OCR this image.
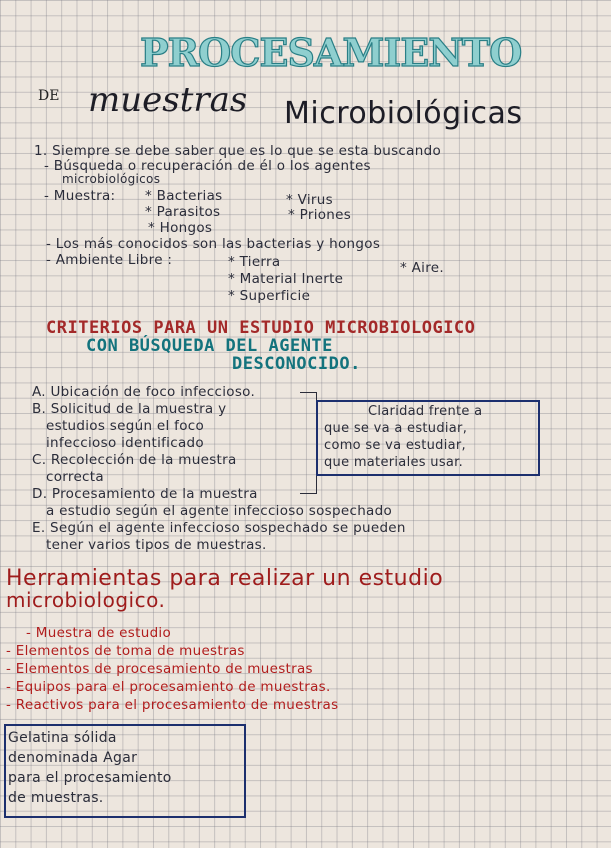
PROCESAMIENTO
DE muestras Microbiológicas
1. Siempre se debe saber que es lo que se esta buscando
- Búsqueda o recuperación de él o los agentes
microbiológicos
- Muestra: * Bacterias
* Parasitos
* Hongos
* Virus
* Priones
- Los más conocidos son las bacterias y hongos
- Ambiente Libre :	* Tierra
* Material Inerte
* Superficie
* Aire.
CRITERIOS PARA UN ESTUDIO MICROBIOLOGICO
CON BÚSQUEDA DEL AGENTE
DESCONOCIDO.
A. Ubicación de foco infeccioso.
B. Solicitud de la muestra y
estudios según el foco
infeccioso identificado
C. Recolección de la muestra
correcta
D. Procesamiento de la muestra
a estudio según el agente infeccioso sospechado
E. Según el agente infeccioso sospechado se pueden
tener varios tipos de muestras.
Claridad frente a
que se va a estudiar,
como se va estudiar,
que materiales usar.
Herramientas para realizar un estudio
microbiologico.
- Muestra de estudio
- Elementos de toma de muestras
- Elementos de procesamiento de muestras
- Equipos para el procesamiento de muestras.
- Reactivos para el procesamiento de muestras
Gelatina sólida
denominada Agar
para el procesamiento
de muestras.
